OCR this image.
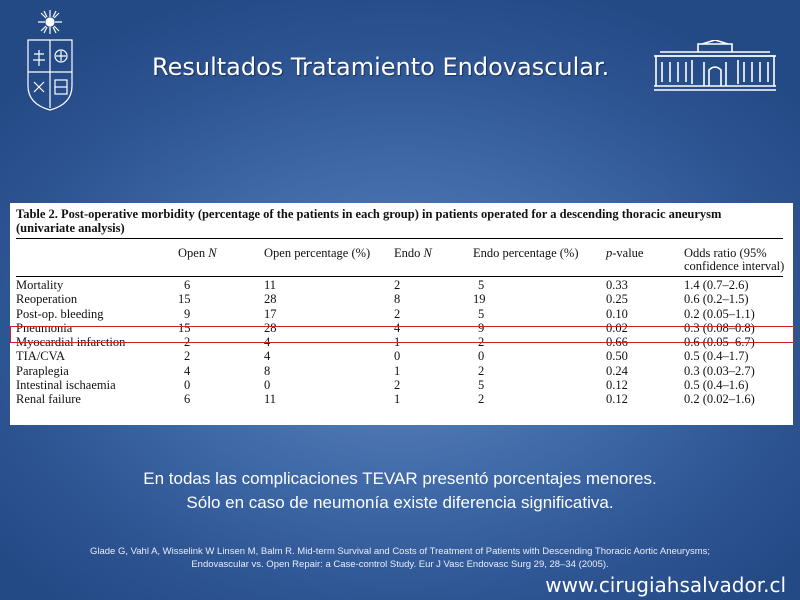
Resultados Tratamiento Endovascular.
Table 2. Post-operative morbidity (percentage of the patients in each group) in patients operated for a descending thoracic aneurysm (univariate analysis)
Open N	Open percentage (%)	Endo N	Endo percentage (%)	p-value	Odds ratio (95% confidence interval)
Mortality	6	11	2	5	0.33	1.4 (0.7–2.6)
Reoperation	15	28	8	19	0.25	0.6 (0.2–1.5)
Post-op. bleeding	9	17	2	5	0.10	0.2 (0.05–1.1)
Pneumonia	15	28	4	9	0.02	0.3 (0.08–0.8)
Myocardial infarction	2	4	1	2	0.66	0.6 (0.05–6.7)
TIA/CVA	2	4	0	0	0.50	0.5 (0.4–1.7)
Paraplegia	4	8	1	2	0.24	0.3 (0.03–2.7)
Intestinal ischaemia	0	0	2	5	0.12	0.5 (0.4–1.6)
Renal failure	6	11	1	2	0.12	0.2 (0.02–1.6)
En todas las complicaciones TEVAR presentó porcentajes menores.
Sólo en caso de neumonía existe diferencia significativa.
Glade G, Vahl A, Wisselink W Linsen M, Balm R. Mid-term Survival and Costs of Treatment of Patients with Descending Thoracic Aortic Aneurysms;
Endovascular vs. Open Repair: a Case-control Study. Eur J Vasc Endovasc Surg 29, 28–34 (2005).
www.cirugiahsalvador.cl
